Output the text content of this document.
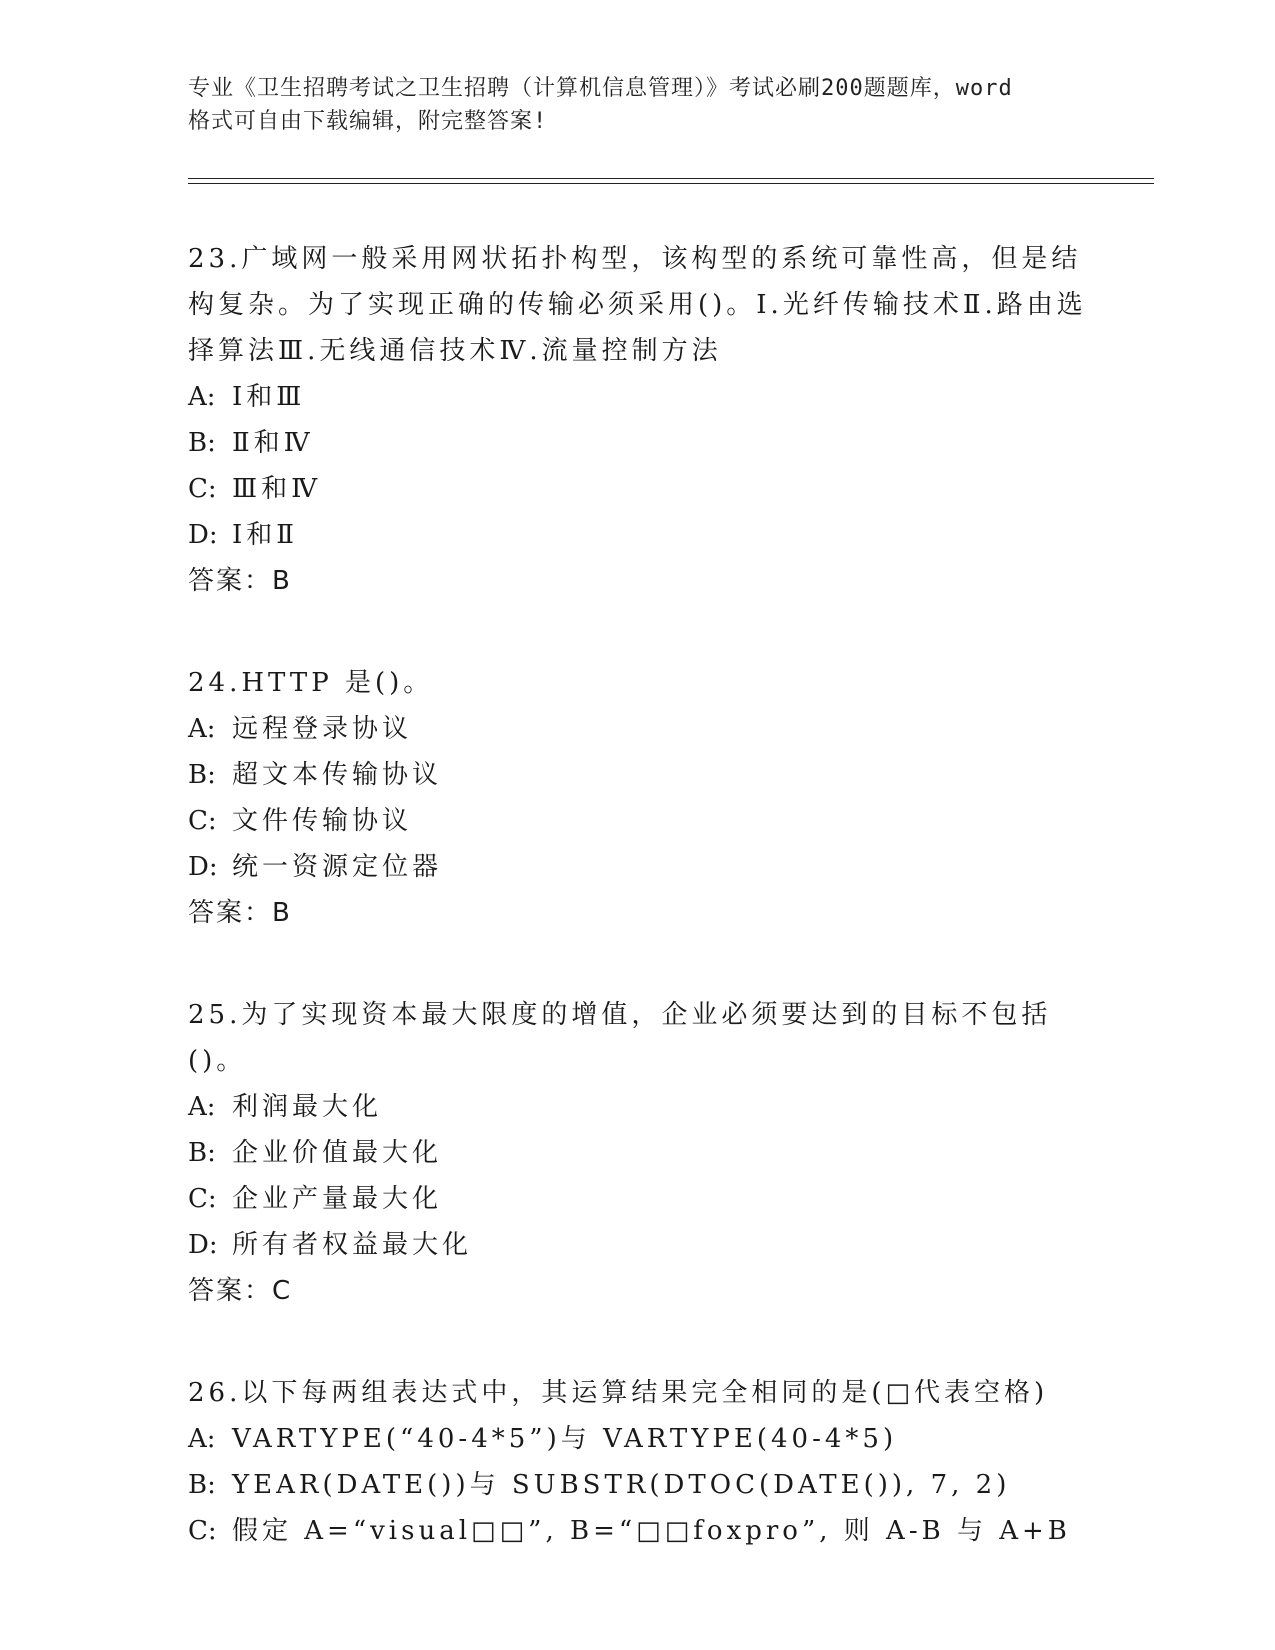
专业《卫生招聘考试之卫生招聘（计算机信息管理）》考试必刷200题题库，word
格式可自由下载编辑，附完整答案!
23.广域网一般采用网状拓扑构型，该构型的系统可靠性高，但是结构复杂。为了实现正确的传输必须采用()。Ⅰ.光纤传输技术Ⅱ.路由选择算法Ⅲ.无线通信技术Ⅳ.流量控制方法
A: Ⅰ和Ⅲ
B: Ⅱ和Ⅳ
C: Ⅲ和Ⅳ
D: Ⅰ和Ⅱ
答案：B
24.HTTP 是()。
A: 远程登录协议
B: 超文本传输协议
C: 文件传输协议
D: 统一资源定位器
答案：B
25.为了实现资本最大限度的增值，企业必须要达到的目标不包括()。
A: 利润最大化
B: 企业价值最大化
C: 企业产量最大化
D: 所有者权益最大化
答案：C
26.以下每两组表达式中，其运算结果完全相同的是(□代表空格)
A: VARTYPE(“40-4*5”)与 VARTYPE(40-4*5)
B: YEAR(DATE())与 SUBSTR(DTOC(DATE()), 7, 2)
C: 假定 A=“visual□□”, B=“□□foxpro”, 则 A-B 与 A+B
